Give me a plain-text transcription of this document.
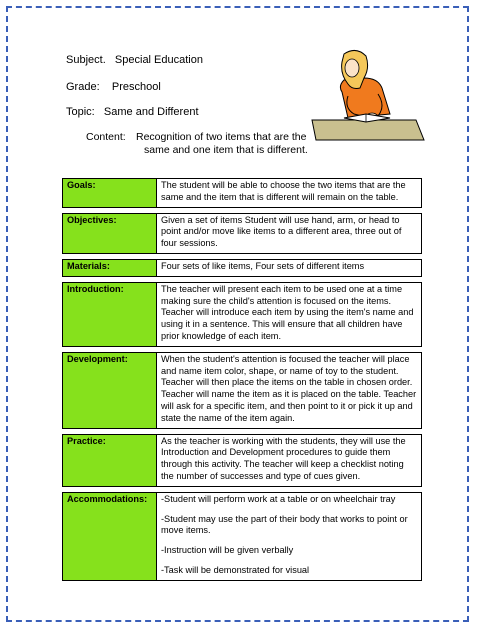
Subject. Special Education
Grade: Preschool
Topic: Same and Different
Content: Recognition of two items that are the
same and one item that is different.
Goals:	The student will be able to choose the two items that are the same and the item that is different will remain on the table.

Objectives:	Given a set of items Student will use hand, arm, or head to point and/or move like items to a different area, three out of four sessions.

Materials:	Four sets of like items, Four sets of different items

Introduction:	The teacher will present each item to be used one at a time making sure the child's attention is focused on the items. Teacher will introduce each item by using the item's name and using it in a sentence. This will ensure that all children have prior knowledge of each item.

Development:	When the student's attention is focused the teacher will place and name item color, shape, or name of toy to the student. Teacher will then place the items on the table in chosen order. Teacher will name the item as it is placed on the table. Teacher will ask for a specific item, and then point to it or pick it up and state the name of the item again.

Practice:	As the teacher is working with the students, they will use the Introduction and Development procedures to guide them through this activity. The teacher will keep a checklist noting the number of successes and type of cues given.

Accommodations:	-Student will perform work at a table or on wheelchair tray
-Student may use the part of their body that works to point or move items.
-Instruction will be given verbally
-Task will be demonstrated for visual
